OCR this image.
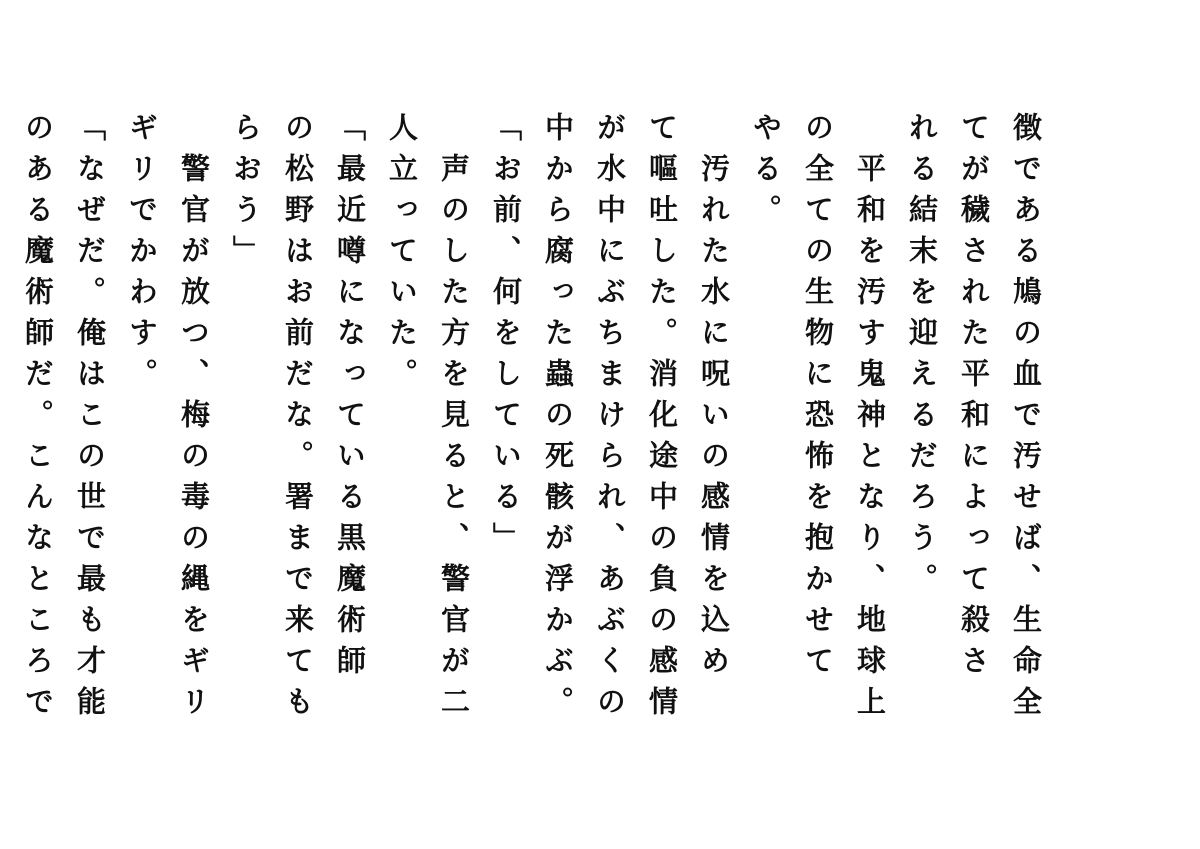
徴である鳩の血で汚せば、生命全
てが穢された平和によって殺さ
れる結末を迎えるだろう。
　平和を汚す鬼神となり、地球上
の全ての生物に恐怖を抱かせて
やる。
　汚れた水に呪いの感情を込め
て嘔吐した。消化途中の負の感情
が水中にぶちまけられ、あぶくの
中から腐った蟲の死骸が浮かぶ。
「お前、何をしている」
　声のした方を見ると、警官が二
人立っていた。
「最近噂になっている黒魔術師
の松野はお前だな。署まで来ても
らおう」
　警官が放つ、梅の毒の縄をギリ
ギリでかわす。
「なぜだ。俺はこの世で最も才能
のある魔術師だ。こんなところで
